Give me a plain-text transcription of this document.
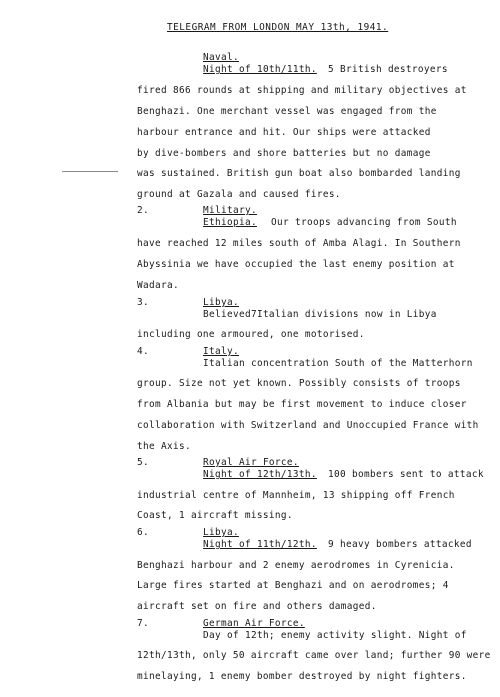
TELEGRAM FROM LONDON MAY 13th, 1941.
Naval.
Night of 10th/11th. 5 British destroyers
fired 866 rounds at shipping and military objectives at
Benghazi. One merchant vessel was engaged from the
harbour entrance and hit. Our ships were attacked
by dive-bombers and shore batteries but no damage
was sustained. British gun boat also bombarded landing
ground at Gazala and caused fires.
2.	Military.
Ethiopia. Our troops advancing from South
have reached 12 miles south of Amba Alagi. In Southern
Abyssinia we have occupied the last enemy position at
Wadara.
3.	Libya.
Believed7Italian divisions now in Libya
including one armoured, one motorised.
4.	Italy.
Italian concentration South of the Matterhorn
group. Size not yet known. Possibly consists of troops
from Albania but may be first movement to induce closer
collaboration with Switzerland and Unoccupied France with
the Axis.
5.	Royal Air Force.
Night of 12th/13th. 100 bombers sent to attack
industrial centre of Mannheim, 13 shipping off French
Coast, 1 aircraft missing.
6.	Libya.
Night of 11th/12th. 9 heavy bombers attacked
Benghazi harbour and 2 enemy aerodromes in Cyrenicia.
Large fires started at Benghazi and on aerodromes; 4
aircraft set on fire and others damaged.
7.	German Air Force.
Day of 12th; enemy activity slight. Night of
12th/13th, only 50 aircraft came over land; further 90 were
minelaying, 1 enemy bomber destroyed by night fighters.
